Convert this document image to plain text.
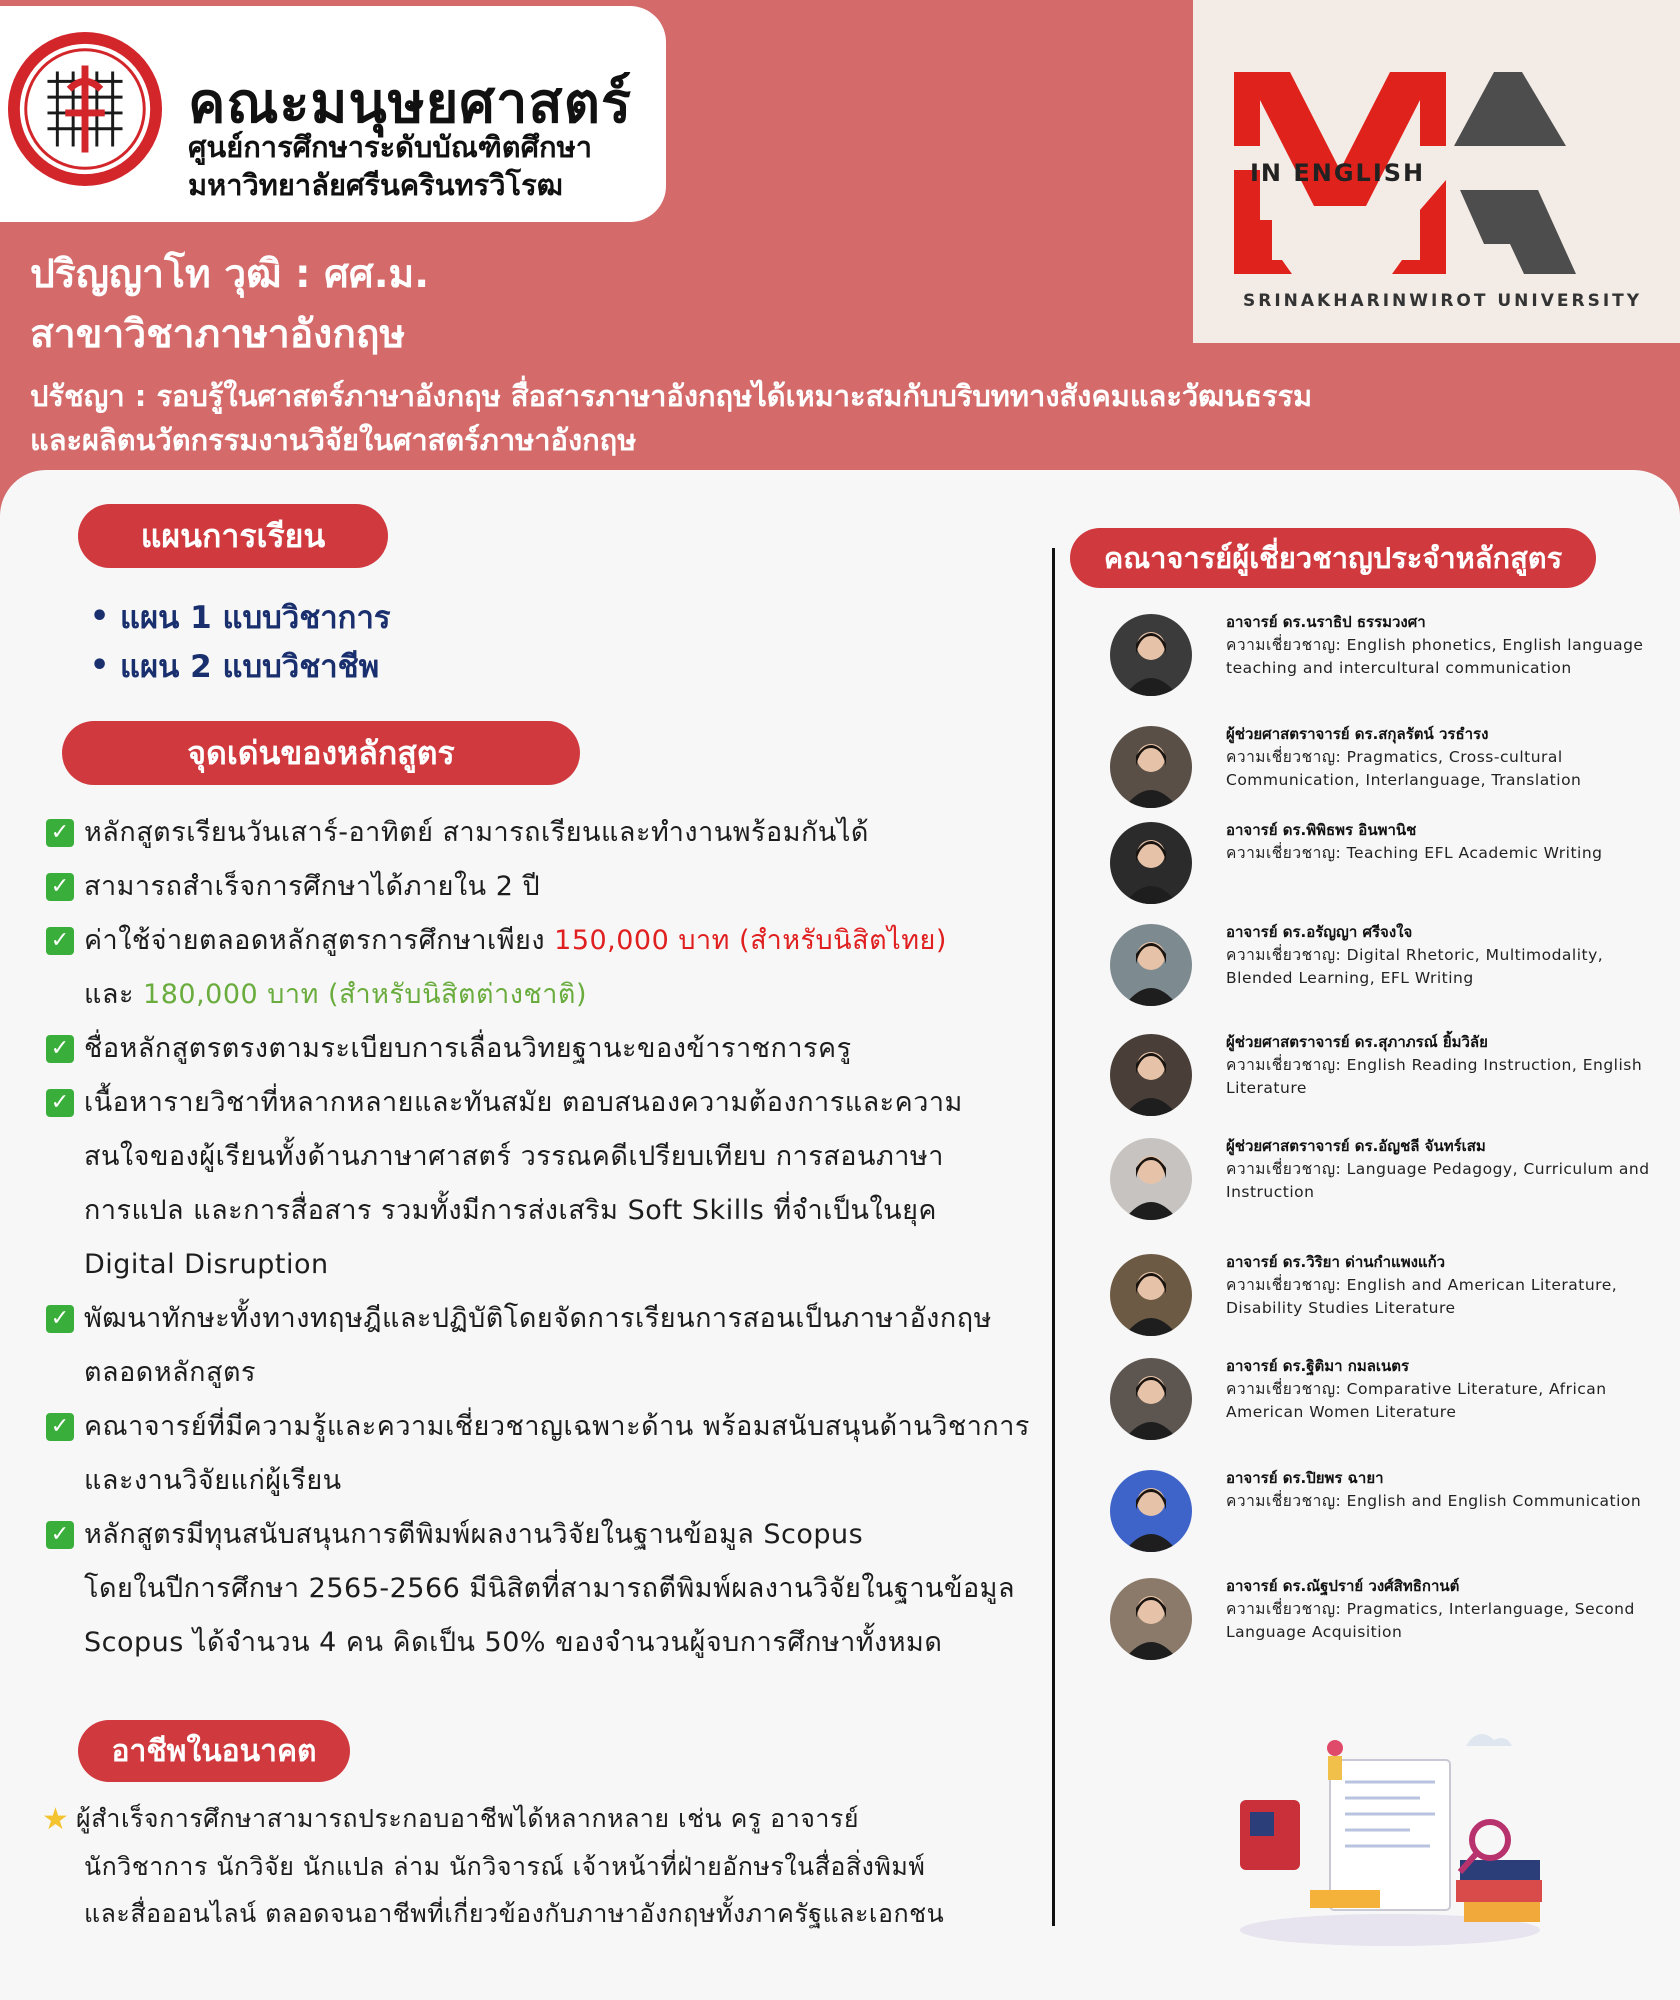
คณะมนุษยศาสตร์
ศูนย์การศึกษาระดับบัณฑิตศึกษา
มหาวิทยาลัยศรีนครินทรวิโรฒ	IN ENGLISH
SRINAKHARINWIROT UNIVERSITY
ปริญญาโท วุฒิ : ศศ.ม.
สาขาวิชาภาษาอังกฤษ
ปรัชญา : รอบรู้ในศาสตร์ภาษาอังกฤษ สื่อสารภาษาอังกฤษได้เหมาะสมกับบริบททางสังคมและวัฒนธรรม
และผลิตนวัตกรรมงานวิจัยในศาสตร์ภาษาอังกฤษ
แผนการเรียน
• แผน 1 แบบวิชาการ
• แผน 2 แบบวิชาชีพ
จุดเด่นของหลักสูตร
✓ หลักสูตรเรียนวันเสาร์-อาทิตย์ สามารถเรียนและทำงานพร้อมกันได้
✓ สามารถสำเร็จการศึกษาได้ภายใน 2 ปี
✓ ค่าใช้จ่ายตลอดหลักสูตรการศึกษาเพียง 150,000 บาท (สำหรับนิสิตไทย)
และ 180,000 บาท (สำหรับนิสิตต่างชาติ)
✓ ชื่อหลักสูตรตรงตามระเบียบการเลื่อนวิทยฐานะของข้าราชการครู
✓ เนื้อหารายวิชาที่หลากหลายและทันสมัย ตอบสนองความต้องการและความ
สนใจของผู้เรียนทั้งด้านภาษาศาสตร์ วรรณคดีเปรียบเทียบ การสอนภาษา
การแปล และการสื่อสาร รวมทั้งมีการส่งเสริม Soft Skills ที่จำเป็นในยุค
Digital Disruption
✓ พัฒนาทักษะทั้งทางทฤษฎีและปฏิบัติโดยจัดการเรียนการสอนเป็นภาษาอังกฤษ
ตลอดหลักสูตร
✓ คณาจารย์ที่มีความรู้และความเชี่ยวชาญเฉพาะด้าน พร้อมสนับสนุนด้านวิชาการ
และงานวิจัยแก่ผู้เรียน
✓ หลักสูตรมีทุนสนับสนุนการตีพิมพ์ผลงานวิจัยในฐานข้อมูล Scopus
โดยในปีการศึกษา 2565-2566 มีนิสิตที่สามารถตีพิมพ์ผลงานวิจัยในฐานข้อมูล
Scopus ได้จำนวน 4 คน คิดเป็น 50% ของจำนวนผู้จบการศึกษาทั้งหมด
อาชีพในอนาคต
★ ผู้สำเร็จการศึกษาสามารถประกอบอาชีพได้หลากหลาย เช่น ครู อาจารย์
นักวิชาการ นักวิจัย นักแปล ล่าม นักวิจารณ์ เจ้าหน้าที่ฝ่ายอักษรในสื่อสิ่งพิมพ์
และสื่อออนไลน์ ตลอดจนอาชีพที่เกี่ยวข้องกับภาษาอังกฤษทั้งภาครัฐและเอกชน
คณาจารย์ผู้เชี่ยวชาญประจำหลักสูตร
อาจารย์ ดร.นราธิป ธรรมวงศา
ความเชี่ยวชาญ: English phonetics, English language teaching and intercultural communication
ผู้ช่วยศาสตราจารย์ ดร.สกุลรัตน์ วรธำรง
ความเชี่ยวชาญ: Pragmatics, Cross-cultural Communication, Interlanguage, Translation
อาจารย์ ดร.พิพิธพร อินพานิช
ความเชี่ยวชาญ: Teaching EFL Academic Writing
อาจารย์ ดร.อรัญญา ศรีจงใจ
ความเชี่ยวชาญ: Digital Rhetoric, Multimodality, Blended Learning, EFL Writing
ผู้ช่วยศาสตราจารย์ ดร.สุภาภรณ์ ยิ้มวิลัย
ความเชี่ยวชาญ: English Reading Instruction, English Literature
ผู้ช่วยศาสตราจารย์ ดร.อัญชลี จันทร์เสม
ความเชี่ยวชาญ: Language Pedagogy, Curriculum and Instruction
อาจารย์ ดร.วิริยา ด่านกำแพงแก้ว
ความเชี่ยวชาญ: English and American Literature, Disability Studies Literature
อาจารย์ ดร.ฐิติมา กมลเนตร
ความเชี่ยวชาญ: Comparative Literature, African American Women Literature
อาจารย์ ดร.ปิยพร ฉายา
ความเชี่ยวชาญ: English and English Communication
อาจารย์ ดร.ณัฐปราย์ วงศ์สิทธิกานต์
ความเชี่ยวชาญ: Pragmatics, Interlanguage, Second Language Acquisition
